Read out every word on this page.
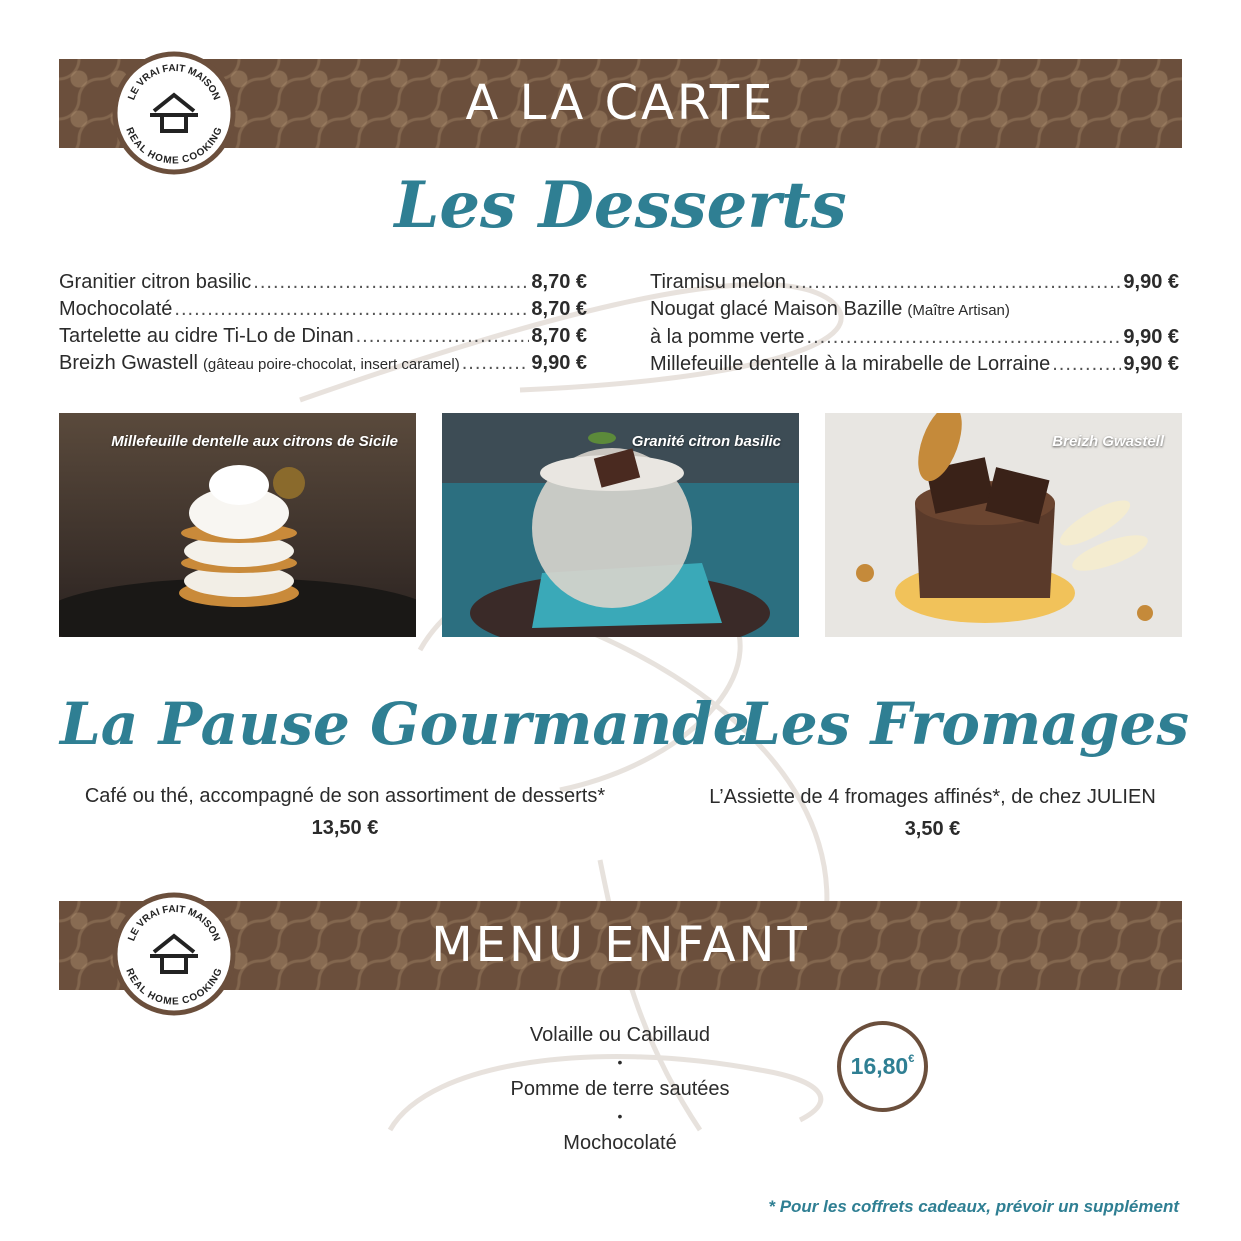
A LA CARTE
LE VRAI FAIT MAISON
REAL HOME COOKING
Les Desserts
Granitier citron basilic .....	8,70 €
Mochocolaté .....	8,70 €
Tartelette au cidre Ti-Lo de Dinan .....	8,70 €
Breizh Gwastell (gâteau poire-chocolat, insert caramel) .....	9,90 €
Tiramisu melon .....	9,90 €
Nougat glacé Maison Bazille (Maître Artisan)
à la pomme verte .....	9,90 €
Millefeuille dentelle à la mirabelle de Lorraine .....	9,90 €
Millefeuille dentelle aux citrons de Sicile	Granité citron basilic	Breizh Gwastell
La Pause Gourmande
Café ou thé, accompagné de son assortiment de desserts*
13,50 €
Les Fromages
L’Assiette de 4 fromages affinés*, de chez JULIEN
3,50 €
MENU ENFANT
LE VRAI FAIT MAISON
REAL HOME COOKING
Volaille ou Cabillaud
•
Pomme de terre sautées
•
Mochocolaté
16,80 €
* Pour les coffrets cadeaux, prévoir un supplément
